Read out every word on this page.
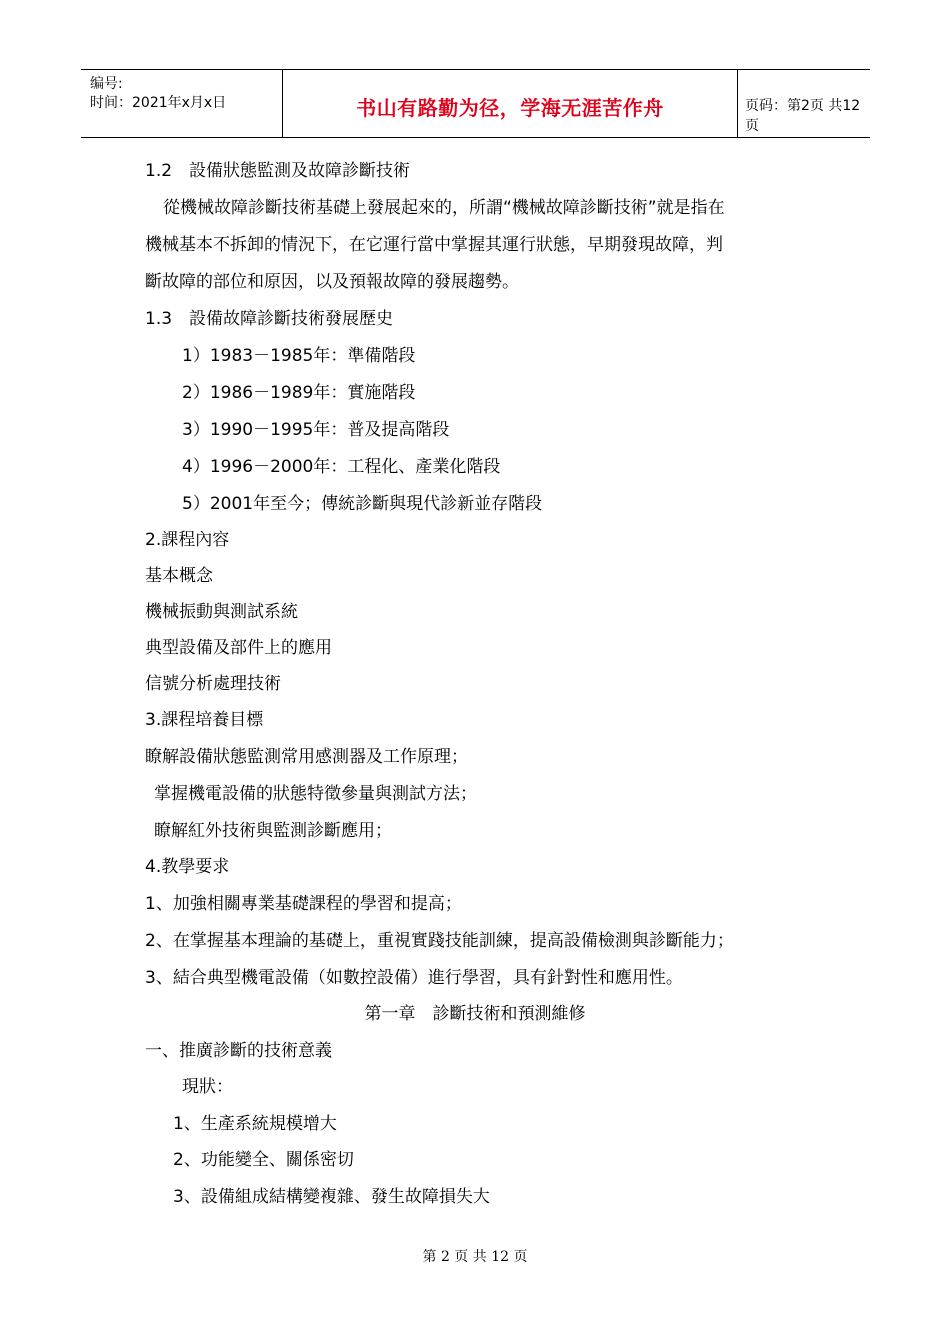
编号:
时间：2021年x月x日	书山有路勤为径，学海无涯苦作舟	页码：第2页 共12页
1.2　設備狀態監測及故障診斷技術
從機械故障診斷技術基礎上發展起來的，所謂“機械故障診斷技術”就是指在
機械基本不拆卸的情況下，在它運行當中掌握其運行狀態，早期發現故障，判
斷故障的部位和原因，以及預報故障的發展趨勢。
1.3　設備故障診斷技術發展歷史
1）1983－1985年：準備階段
2）1986－1989年：實施階段
3）1990－1995年：普及提高階段
4）1996－2000年：工程化、產業化階段
5）2001年至今；傳統診斷與現代診新並存階段
2.課程內容
基本概念
機械振動與測試系統
典型設備及部件上的應用
信號分析處理技術
3.課程培養目標
瞭解設備狀態監測常用感測器及工作原理；
掌握機電設備的狀態特徵參量與測試方法；
瞭解紅外技術與監測診斷應用；
4.教學要求
1、加強相關專業基礎課程的學習和提高；
2、在掌握基本理論的基礎上，重視實踐技能訓練，提高設備檢測與診斷能力；
3、結合典型機電設備（如數控設備）進行學習，具有針對性和應用性。
第一章　診斷技術和預測維修
一、推廣診斷的技術意義
現狀：
1、生產系統規模增大
2、功能變全、關係密切
3、設備組成結構變複雜、發生故障損失大
第 2 页 共 12 页
